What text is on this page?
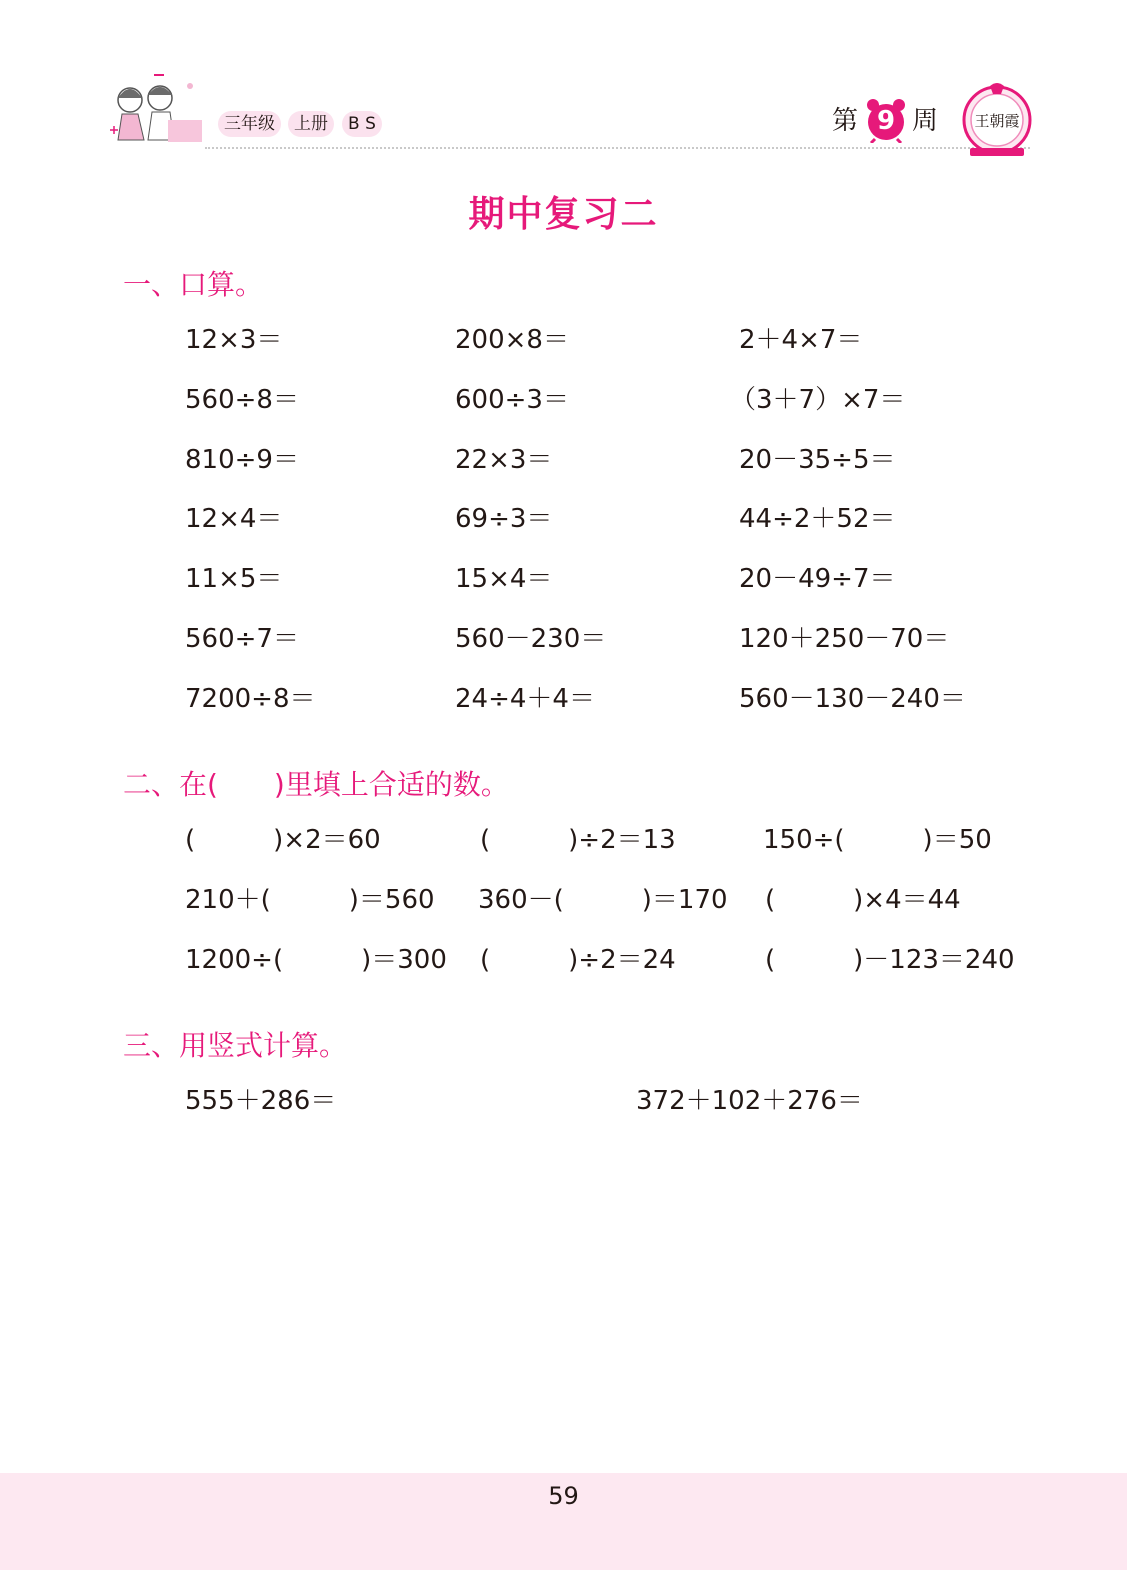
三年级	上册	B S	第 9 周 王朝霞
期中复习二
一、口算。
12×3＝	200×8＝	2＋4×7＝
560÷8＝	600÷3＝	（3＋7）×7＝
810÷9＝	22×3＝	20－35÷5＝
12×4＝	69÷3＝	44÷2＋52＝
11×5＝	15×4＝	20－49÷7＝
560÷7＝	560－230＝	120＋250－70＝
7200÷8＝	24÷4＋4＝	560－130－240＝
二、在(　　)里填上合适的数。
(　　　)×2＝60	(　　　)÷2＝13	150÷(　　　)＝50
210＋(　　　)＝560 360－(　　　)＝170 (　　　)×4＝44
1200÷(　　　)＝300 (　　　)÷2＝24	(　　　)－123＝240
三、用竖式计算。
555＋286＝	372＋102＋276＝
59
